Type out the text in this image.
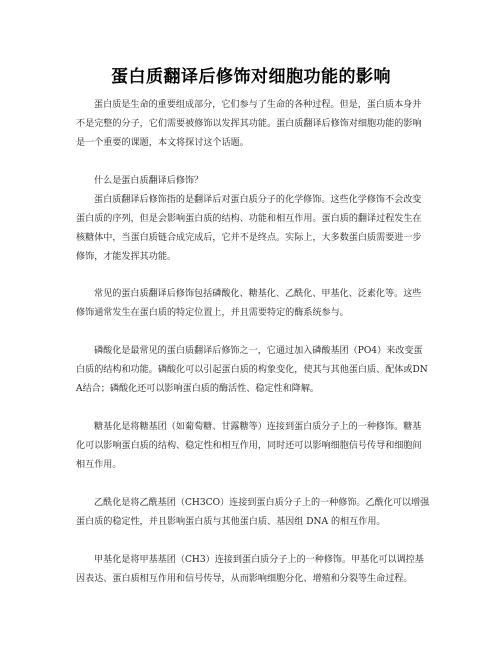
蛋白质翻译后修饰对细胞功能的影响

蛋白质是生命的重要组成部分，它们参与了生命的各种过程。但是，蛋白质本身并不是完整的分子，它们需要被修饰以发挥其功能。蛋白质翻译后修饰对细胞功能的影响是一个重要的课题，本文将探讨这个话题。

什么是蛋白质翻译后修饰？

蛋白质翻译后修饰指的是翻译后对蛋白质分子的化学修饰。这些化学修饰不会改变蛋白质的序列，但是会影响蛋白质的结构、功能和相互作用。蛋白质的翻译过程发生在核糖体中，当蛋白质链合成完成后，它并不是终点。实际上，大多数蛋白质需要进一步修饰，才能发挥其功能。

常见的蛋白质翻译后修饰包括磷酸化、糖基化、乙酰化、甲基化、泛素化等。这些修饰通常发生在蛋白质的特定位置上，并且需要特定的酶系统参与。

磷酸化是最常见的蛋白质翻译后修饰之一，它通过加入磷酸基团（PO4）来改变蛋白质的结构和功能。磷酸化可以引起蛋白质的构象变化，使其与其他蛋白质、配体或DNA结合；磷酸化还可以影响蛋白质的酶活性、稳定性和降解。

糖基化是将糖基团（如葡萄糖、甘露糖等）连接到蛋白质分子上的一种修饰。糖基化可以影响蛋白质的结构、稳定性和相互作用，同时还可以影响细胞信号传导和细胞间相互作用。

乙酰化是将乙酰基团（CH3CO）连接到蛋白质分子上的一种修饰。乙酰化可以增强蛋白质的稳定性，并且影响蛋白质与其他蛋白质、基因组 DNA 的相互作用。

甲基化是将甲基基团（CH3）连接到蛋白质分子上的一种修饰。甲基化可以调控基因表达、蛋白质相互作用和信号传导，从而影响细胞分化、增殖和分裂等生命过程。
